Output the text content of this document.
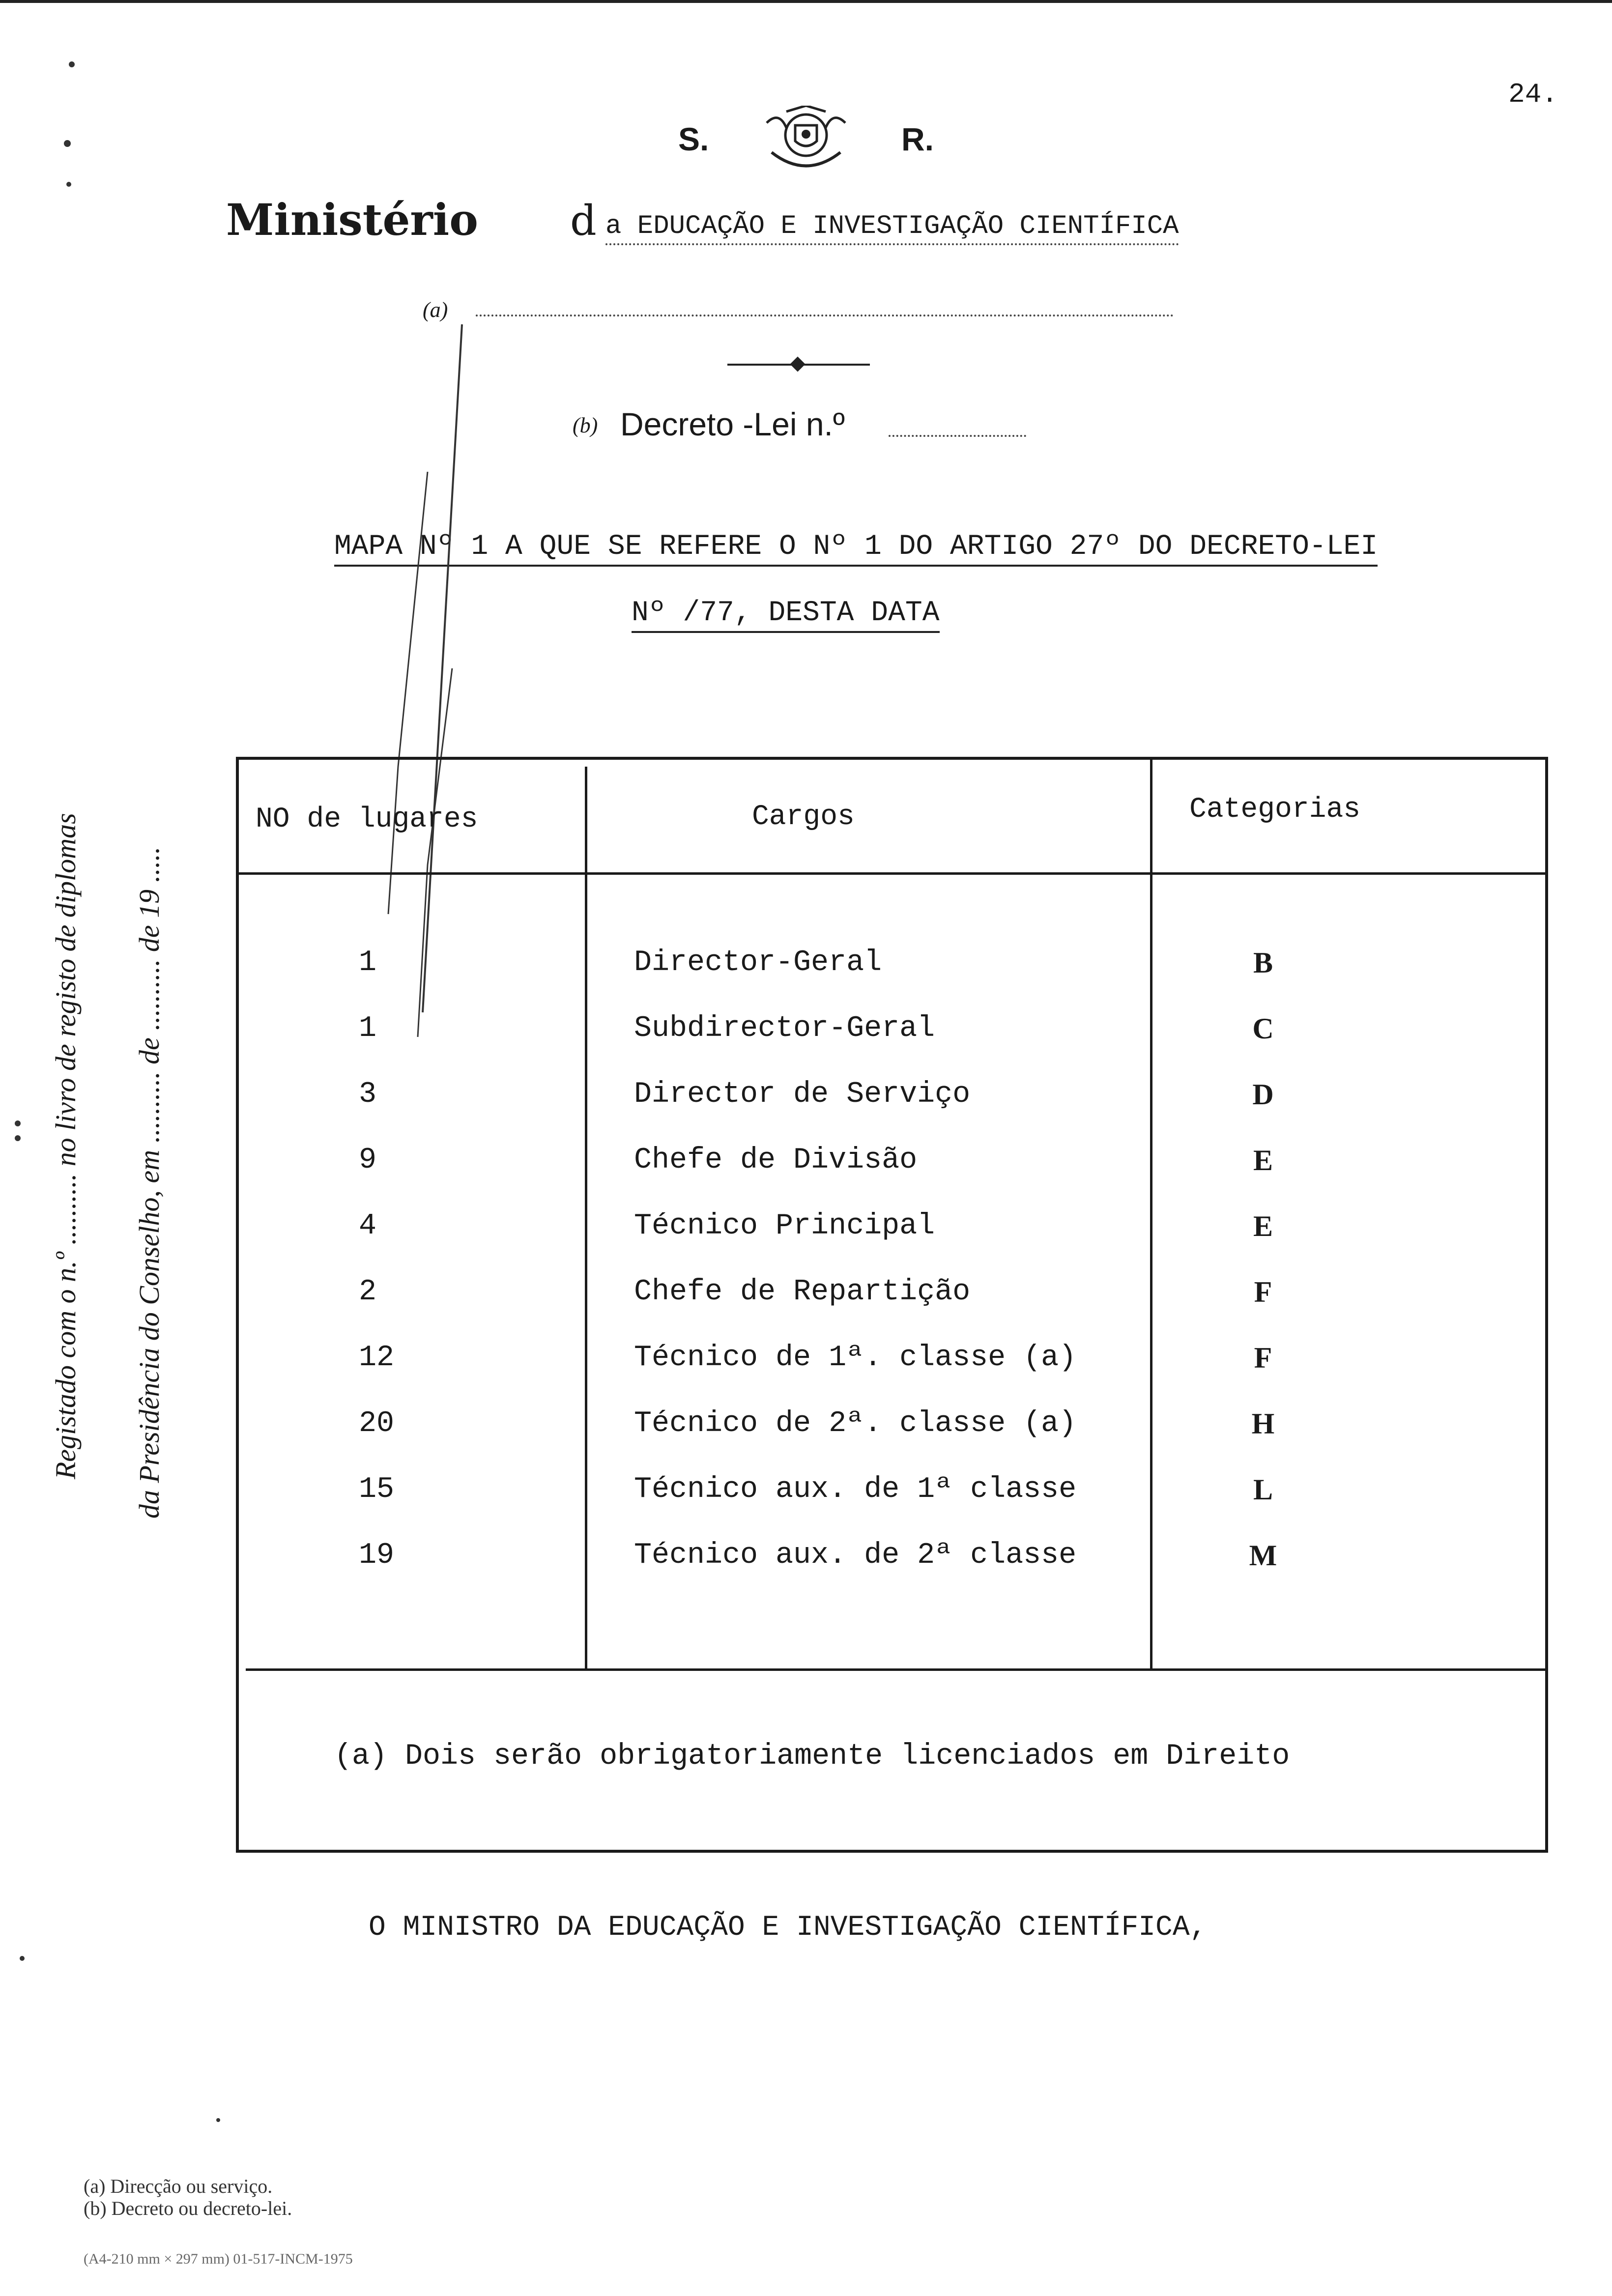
24.
S.	R.
Ministério d a EDUCAÇÃO E INVESTIGAÇÃO CIENTÍFICA
(a)
(b) Decreto -Lei n.º
MAPA Nº 1 A QUE SE REFERE O Nº 1 DO ARTIGO 27º DO DECRETO-LEI
Nº /77, DESTA DATA
NO de lugares	Cargos	Categorias
1	Director-Geral	B
1	Subdirector-Geral	C
3	Director de Serviço	D
9	Chefe de Divisão	E
4	Técnico Principal	E
2	Chefe de Repartição	F
12	Técnico de 1ª. classe (a)	F
20	Técnico de 2ª. classe (a)	H
15	Técnico aux. de 1ª classe	L
19	Técnico aux. de 2ª classe	M
(a) Dois serão obrigatoriamente licenciados em Direito
O MINISTRO DA EDUCAÇÃO E INVESTIGAÇÃO CIENTÍFICA,
Registado com o n.º .......... no livro de registo de diplomas da Presidência do Conselho, em .......... de .......... de 19 .....
(a) Direcção ou serviço.
(b) Decreto ou decreto-lei.
(A4-210 mm × 297 mm) 01-517-INCM-1975
